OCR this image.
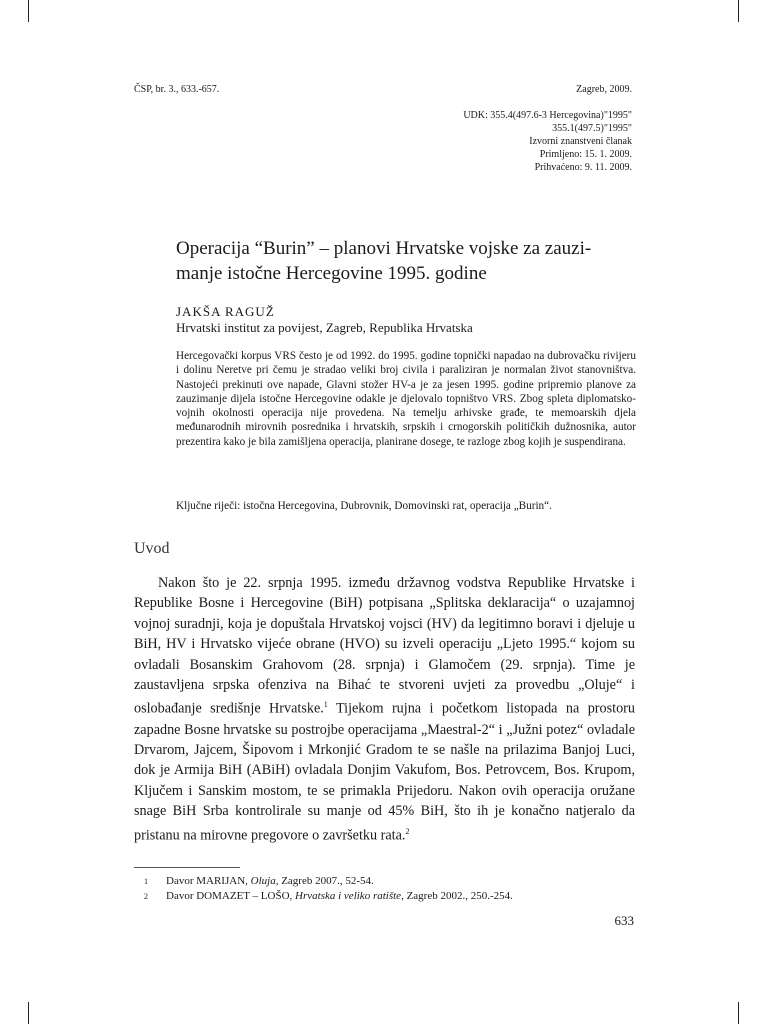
ČSP, br. 3., 633.-657.	Zagreb, 2009.
UDK: 355.4(497.6-3 Hercegovina)"1995"
355.1(497.5)"1995"
Izvorni znanstveni članak
Primljeno: 15. 1. 2009.
Prihvaćeno: 9. 11. 2009.
Operacija “Burin” – planovi Hrvatske vojske za zauzi-
manje istočne Hercegovine 1995. godine
JAKŠA RAGUŽ
Hrvatski institut za povijest, Zagreb, Republika Hrvatska
Hercegovački korpus VRS često je od 1992. do 1995. godine topnički napadao na dubrovačku rivijeru i dolinu Neretve pri čemu je stradao veliki broj civila i paraliziran je normalan život stanovništva. Nastojeći prekinuti ove napade, Glavni stožer HV-a je za jesen 1995. godine pripremio planove za zauzimanje dijela istočne Hercegovine odakle je djelovalo topništvo VRS. Zbog spleta diplomatsko-vojnih okolnosti operacija nije provedena. Na temelju arhivske građe, te memoarskih djela međunarodnih mirovnih posrednika i hrvatskih, srpskih i crnogorskih političkih dužnosnika, autor prezentira kako je bila zamišljena operacija, planirane dosege, te razloge zbog kojih je suspendirana.
Ključne riječi: istočna Hercegovina, Dubrovnik, Domovinski rat, operacija „Burin“.
Uvod

Nakon što je 22. srpnja 1995. između državnog vodstva Republike Hrvatske i Republike Bosne i Hercegovine (BiH) potpisana „Splitska deklaracija“ o uzajamnoj vojnoj suradnji, koja je dopuštala Hrvatskoj vojsci (HV) da legitimno boravi i djeluje u BiH, HV i Hrvatsko vijeće obrane (HVO) su izveli operaciju „Ljeto 1995.“ kojom su ovladali Bosanskim Grahovom (28. srpnja) i Glamočem (29. srpnja). Time je zaustavljena srpska ofenziva na Bihać te stvoreni uvjeti za provedbu „Oluje“ i oslobađanje središnje Hrvatske.$^1$ Tijekom rujna i početkom listopada na prostoru zapadne Bosne hrvatske su postrojbe operacijama „Maestral-2“ i „Južni potez“ ovladale Drvarom, Jajcem, Šipovom i Mrkonjić Gradom te se našle na prilazima Banjoj Luci, dok je Armija BiH (ABiH) ovladala Donjim Vakufom, Bos. Petrovcem, Bos. Krupom, Ključem i Sanskim mostom, te se primakla Prijedoru. Nakon ovih operacija oružane snage BiH Srba kontrolirale su manje od 45% BiH, što ih je konačno natjeralo da pristanu na mirovne pregovore o završetku rata.$^2$

1	Davor MARIJAN, Oluja, Zagreb 2007., 52-54.
2	Davor DOMAZET – LOŠO, Hrvatska i veliko ratište, Zagreb 2002., 250.-254.
633
